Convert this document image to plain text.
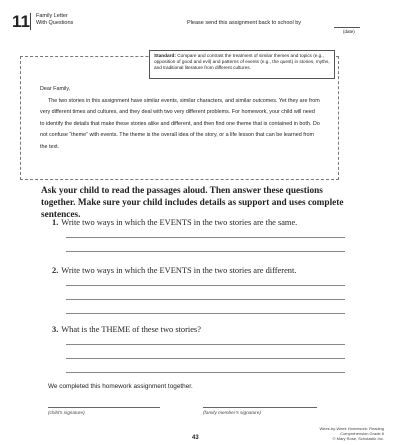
11 Family Letter
With Questions	Please send this assignment back to school by
(date)
Standard: Compare and contrast the treatment of similar themes and topics (e.g., opposition of good and evil) and patterns of events (e.g., the quest) in stories, myths, and traditional literature from different cultures.

Dear Family,

The two stories in this assignment have similar events, similar characters, and similar outcomes. Yet they are from very different times and cultures, and they deal with two very different problems. For homework, your child will need to identify the details that make these stories alike and different, and then find one theme that is contained in both. Do not confuse “theme” with events. The theme is the overall idea of the story, or a life lesson that can be learned from the text.

Ask your child to read the passages aloud. Then answer these questions together. Make sure your child includes details as support and uses complete sentences.
1. Write two ways in which the EVENTS in the two stories are the same.
2. Write two ways in which the EVENTS in the two stories are different.
3. What is the THEME of these two stories?
We completed this homework assignment together.
(child’s signature)	(family member’s signature)
43
Week-by-Week Homework: Reading Comprehension Grade 6
© Mary Rose, Scholastic Inc.
